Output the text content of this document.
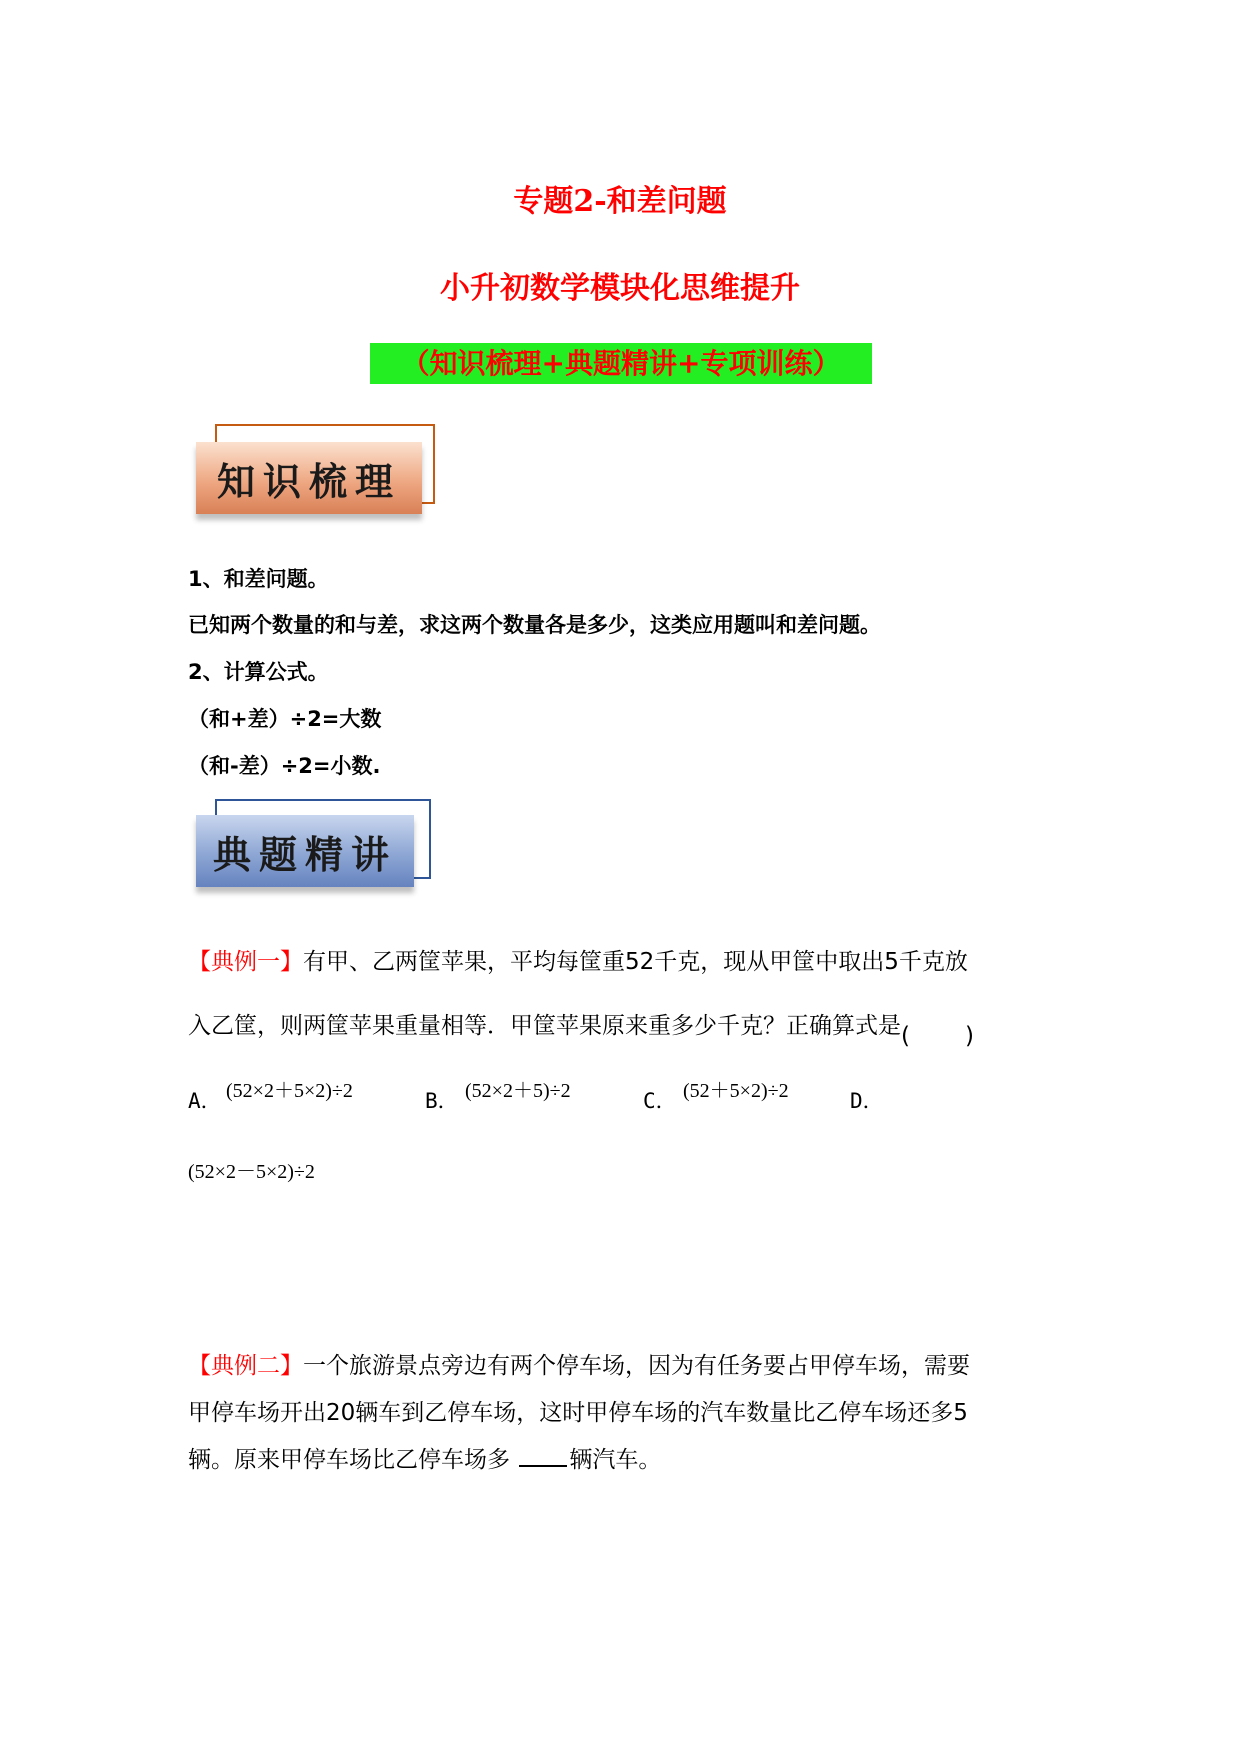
专题2-和差问题
小升初数学模块化思维提升
（知识梳理+典题精讲+专项训练）
知识梳理
1、和差问题。
已知两个数量的和与差，求这两个数量各是多少，这类应用题叫和差问题。
2、计算公式。
（和+差）÷2=大数
（和-差）÷2=小数.
典题精讲
【典例一】有甲、乙两筐苹果，平均每筐重52千克，现从甲筐中取出5千克放
入乙筐，则两筐苹果重量相等．甲筐苹果原来重多少千克？正确算式是 ( )
A． (52×2＋5×2)÷2	B． (52×2＋5)÷2	C． (52＋5×2)÷2	D．
(52×2－5×2)÷2
【典例二】一个旅游景点旁边有两个停车场，因为有任务要占甲停车场，需要
甲停车场开出20辆车到乙停车场，这时甲停车场的汽车数量比乙停车场还多5
辆。原来甲停车场比乙停车场多 辆汽车。
